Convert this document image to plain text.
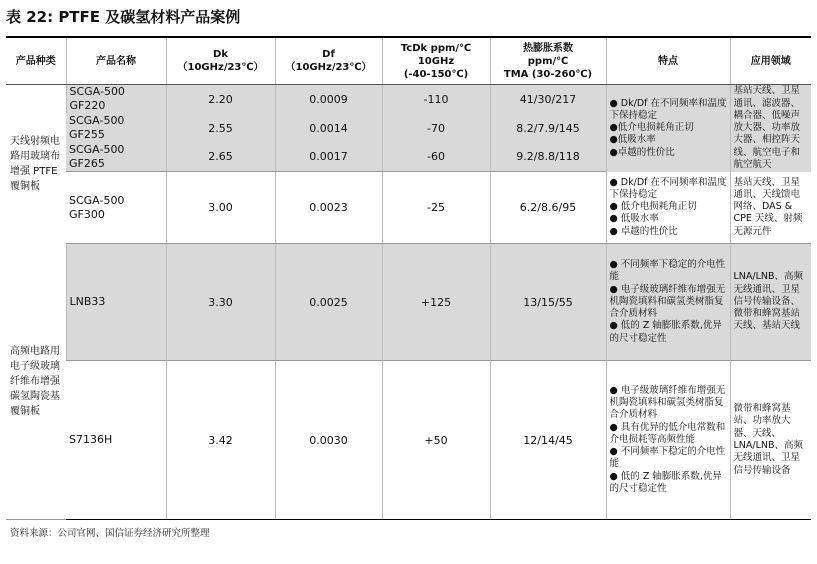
表 22: PTFE 及碳氢材料产品案例
产品种类	产品名称	Dk
（10GHz/23℃）	Df
（10GHz/23℃）	TcDk ppm/℃
10GHz
(-40-150℃)	热膨胀系数
ppm/℃
TMA (30-260℃)	特点	应用领域
天线射频电路用玻璃布增强 PTFE 覆铜板	SCGA-500 GF220	2.20	0.0009	-110	41/30/217	● Dk/Df 在不同频率和温度下保持稳定
●低介电损耗角正切
●低吸水率
●卓越的性价比	基站天线、卫星通讯、滤波器、耦合器、低噪声放大器、功率放大器、相控阵天线、航空电子和航空航天

	SCGA-500 GF255	2.55	0.0014	-70	8.2/7.9/145		

	SCGA-500 GF265	2.65	0.0017	-60	9.2/8.8/118		

	SCGA-500 GF300	3.00	0.0023	-25	6.2/8.6/95	● Dk/Df 在不同频率和温度下保持稳定
● 低介电损耗角正切
● 低吸水率
● 卓越的性价比	基站天线、卫星通讯、天线馈电网络、DAS & CPE 天线、射频无源元件
高频电路用电子级玻璃纤维布增强碳氢陶瓷基覆铜板	LNB33	3.30	0.0025	+125	13/15/55	● 不同频率下稳定的介电性能
● 电子级玻璃纤维布增强无机陶瓷填料和碳氢类树脂复合介质材料
● 低的 Z 轴膨胀系数,优异的尺寸稳定性	LNA/LNB、高频无线通讯、卫星信号传输设备、微带和蜂窝基站天线、基站天线

	S7136H	3.42	0.0030	+50	12/14/45	● 电子级玻璃纤维布增强无机陶瓷填料和碳氢类树脂复合介质材料
● 具有优异的低介电常数和介电损耗等高频性能
● 不同频率下稳定的介电性能
● 低的 Z 轴膨胀系数,优异的尺寸稳定性	微带和蜂窝基站、功率放大器、天线、LNA/LNB、高频无线通讯、卫星信号传输设备
资料来源：公司官网、国信证券经济研究所整理
